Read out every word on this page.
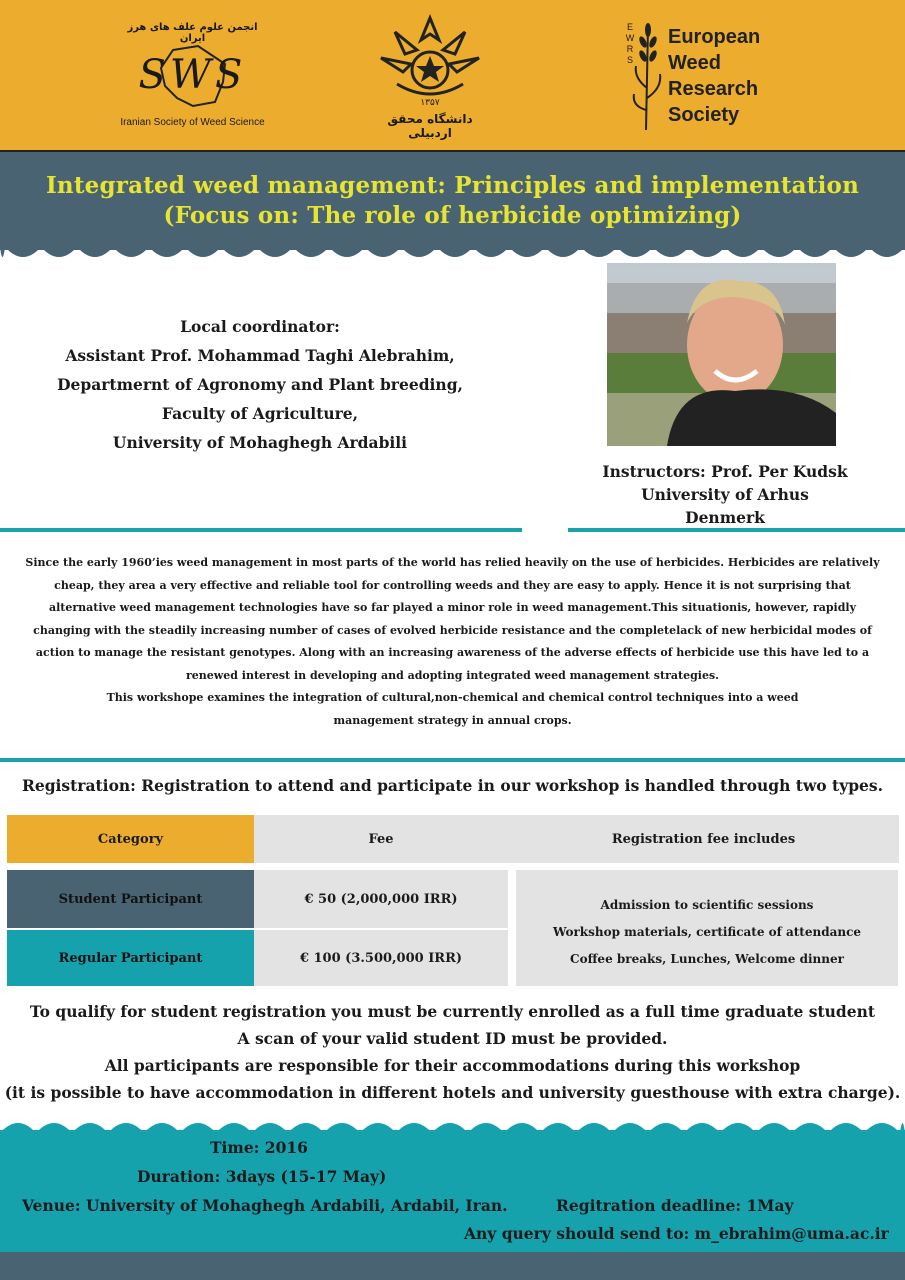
انجمن علوم علف های هرز ایران
SWS
Iranian Society of Weed Science
۱۳۵۷
دانشگاه محقق اردبیلی
EWRS
European
Weed
Research
Society
Integrated weed management: Principles and implementation
(Focus on: The role of herbicide optimizing)
Local coordinator:
Assistant Prof. Mohammad Taghi Alebrahim,
Departmernt of Agronomy and Plant breeding,
Faculty of Agriculture,
University of Mohaghegh Ardabili
Instructors: Prof. Per Kudsk
University of Arhus
Denmerk

Since the early 1960’ies weed management in most parts of the world has relied heavily on the use of herbicides. Herbicides are relatively cheap, they area a very effective and reliable tool for controlling weeds and they are easy to apply. Hence it is not surprising that alternative weed management technologies have so far played a minor role in weed management.This situationis, however, rapidly changing with the steadily increasing number of cases of evolved herbicide resistance and the completelack of new herbicidal modes of action to manage the resistant genotypes. Along with an increasing awareness of the adverse effects of herbicide use this have led to a renewed interest in developing and adopting integrated weed management strategies.

This workshope examines the integration of cultural,non-chemical and chemical control techniques into a weed

management strategy in annual crops.

Registration: Registration to attend and participate in our workshop is handled through two types.
Category	Fee	Registration fee includes
Student Participant	€ 50 (2,000,000 IRR)
Regular Participant	€ 100 (3.500,000 IRR)
Admission to scientific sessions
Workshop materials, certificate of attendance
Coffee breaks, Lunches, Welcome dinner
To qualify for student registration you must be currently enrolled as a full time graduate student
A scan of your valid student ID must be provided.
All participants are responsible for their accommodations during this workshop
(it is possible to have accommodation in different hotels and university guesthouse with extra charge).
Time: 2016
Duration: 3days (15-17 May)
Venue: University of Mohaghegh Ardabili, Ardabil, Iran.	Regitration deadline: 1May
Any query should send to: m_ebrahim@uma.ac.ir
